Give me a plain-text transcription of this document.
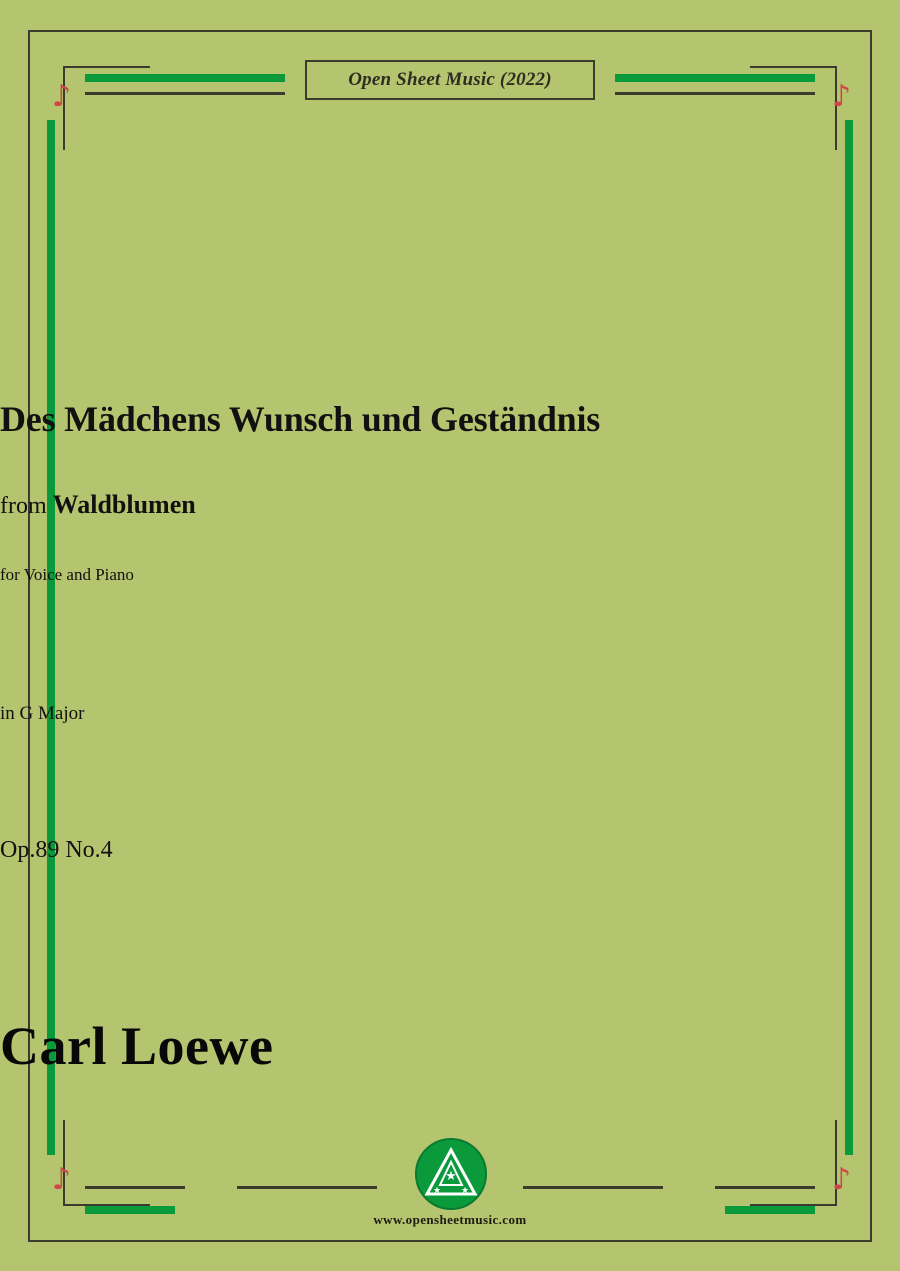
♪	♪
♪	♪
Open Sheet Music (2022)
Des Mädchens Wunsch und Geständnis
from Waldblumen
for Voice and Piano
in G Major
Op.89 No.4
Carl Loewe
★
★ ★
www.opensheetmusic.com
